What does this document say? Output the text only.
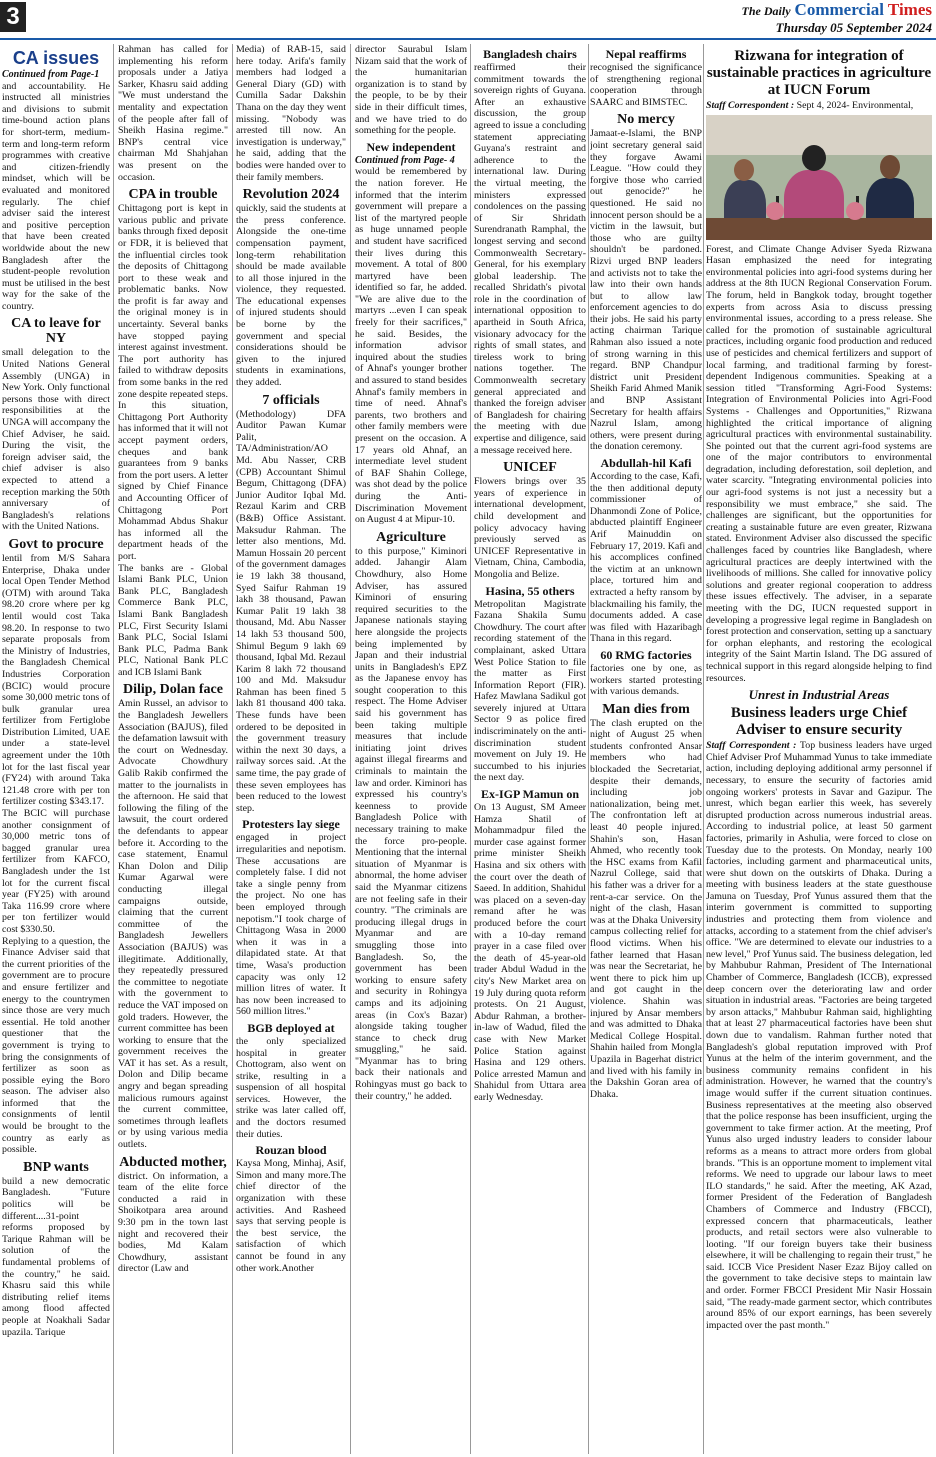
3	The Daily Commercial Times
Thursday 05 September 2024
CA issues

Continued from Page-1

and accountability. He instructed all ministries and divisions to submit time-bound action plans for short-term, medium-term and long-term reform programmes with creative and citizen-friendly mindset, which will be evaluated and monitored regularly. The chief adviser said the interest and positive perception that have been created worldwide about the new Bangladesh after the student-people revolution must be utilised in the best way for the sake of the country.

CA to leave for NY

small delegation to the United Nations General Assembly (UNGA) in New York. Only functional persons those with direct responsibilities at the UNGA will accompany the Chief Adviser, he said. During the visit, the foreign adviser said, the chief adviser is also expected to attend a reception marking the 50th anniversary of Bangladesh's relations with the United Nations.

Govt to procure

lentil from M/S Sahara Enterprise, Dhaka under local Open Tender Method (OTM) with around Taka 98.20 crore where per kg lentil would cost Taka 98.20. In response to two separate proposals from the Ministry of Industries, the Bangladesh Chemical Industries Corporation (BCIC) would procure some 30,000 metric tons of bulk granular urea fertilizer from Fertiglobe Distribution Limited, UAE under a state-level agreement under the 10th lot for the last fiscal year (FY24) with around Taka 121.48 crore with per ton fertilizer costing $343.17.

The BCIC will purchase another consignment of 30,000 metric tons of bagged granular urea fertilizer from KAFCO, Bangladesh under the 1st lot for the current fiscal year (FY25) with around Taka 116.99 crore where per ton fertilizer would cost $330.50.

Replying to a question, the Finance Adviser said that the current priorities of the government are to procure and ensure fertilizer and energy to the countrymen since those are very much essential. He told another questioner that the government is trying to bring the consignments of fertilizer as soon as possible eying the Boro season. The adviser also informed that the consignments of lentil would be brought to the country as early as possible.

BNP wants

build a new democratic Bangladesh. "Future politics will be different....31-point reforms proposed by Tarique Rahman will be solution of the fundamental problems of the country," he said. Khasru said this while distributing relief items among flood affected people at Noakhali Sadar upazila. Tarique

Rahman has called for implementing his reform proposals under a Jatiya Sarker, Khasru said adding "We must understand the mentality and expectation of the people after fall of Sheikh Hasina regime." BNP's central vice chairman Md Shahjahan was present on the occasion.

CPA in trouble

Chittagong port is kept in various public and private banks through fixed deposit or FDR, it is believed that the influential circles took the deposits of Chittagong port to these weak and problematic banks. Now the profit is far away and the original money is in uncertainty. Several banks have stopped paying interest against investment. The port authority has failed to withdraw deposits from some banks in the red zone despite repeated steps. In this situation, Chittagong Port Authority has informed that it will not accept payment orders, cheques and bank guarantees from 9 banks from the port users. A letter signed by Chief Finance and Accounting Officer of Chittagong Port Mohammad Abdus Shakur has informed all the department heads of the port.

The banks are - Global Islami Bank PLC, Union Bank PLC, Bangladesh Commerce Bank PLC, Islami Bank Bangladesh PLC, First Security Islami Bank PLC, Social Islami Bank PLC, Padma Bank PLC, National Bank PLC and ICB Islami Bank

Dilip, Dolan face

Amin Russel, an advisor to the Bangladesh Jewellers Association (BAJUS), filed the defamation lawsuit with the court on Wednesday. Advocate Chowdhury Galib Rakib confirmed the matter to the journalists in the afternoon. He said that following the filing of the lawsuit, the court ordered the defendants to appear before it. According to the case statement, Enamul Khan Dolon and Dilip Kumar Agarwal were conducting illegal campaigns outside, claiming that the current committee of the Bangladesh Jewellers Association (BAJUS) was illegitimate. Additionally, they repeatedly pressured the committee to negotiate with the government to reduce the VAT imposed on gold traders. However, the current committee has been working to ensure that the government receives the VAT it has set. As a result, Dolon and Dilip became angry and began spreading malicious rumours against the current committee, sometimes through leaflets or by using various media outlets.

Abducted mother,

district. On information, a team of the elite force conducted a raid in Shoikotpara area around 9:30 pm in the town last night and recovered their bodies, Md Kalam Chowdhury, assistant director (Law and

Media) of RAB-15, said here today. Arifa's family members had lodged a General Diary (GD) with Cumilla Sadar Dakshin Thana on the day they went missing. "Nobody was arrested till now. An investigation is underway," he said, adding that the bodies were handed over to their family members.

Revolution 2024

quickly, said the students at the press conference. Alongside the one-time compensation payment, long-term rehabilitation should be made available to all those injured in the violence, they requested. The educational expenses of injured students should be borne by the government and special considerations should be given to the injured students in examinations, they added.

7 officials

(Methodology) DFA Auditor Pawan Kumar Palit, TA/Administration/AO Md. Abu Nasser, CRB (CPB) Accountant Shimul Begum, Chittagong (DFA) Junior Auditor Iqbal Md. Rezaul Karim and CRB (B&B) Office Assistant. Maksudur Rahman. The letter also mentions, Md. Mamun Hossain 20 percent of the government damages ie 19 lakh 38 thousand, Syed Saifur Rahman 19 lakh 38 thousand, Pawan Kumar Palit 19 lakh 38 thousand, Md. Abu Nasser 14 lakh 53 thousand 500, Shimul Begum 9 lakh 69 thousand, Iqbal Md. Rezaul Karim 8 lakh 72 thousand 100 and Md. Maksudur Rahman has been fined 5 lakh 81 thousand 400 taka. These funds have been ordered to be deposited in the government treasury within the next 30 days, a railway sorces said. .At the same time, the pay grade of these seven employees has been reduced to the lowest step.

Protesters lay siege

engaged in project irregularities and nepotism. These accusations are completely false. I did not take a single penny from the project. No one has been employed through nepotism."I took charge of Chittagong Wasa in 2000 when it was in a dilapidated state. At that time, Wasa's production capacity was only 12 million litres of water. It has now been increased to 560 million litres."

BGB deployed at

the only specialized hospital in greater Chottogram, also went on strike, resulting in a suspension of all hospital services. However, the strike was later called off, and the doctors resumed their duties.

Rouzan blood

Kaysa Mong, Minhaj, Asif, Simon and many more.The chief director of the organization with these activities. And Rasheed says that serving people is the best service, the satisfaction of which cannot be found in any other work.Another

director Saurabul Islam Nizam said that the work of the humanitarian organization is to stand by the people, to be by their side in their difficult times, and we have tried to do something for the people.

New independent

Continued from Page- 4

would be remembered by the nation forever. He informed that the interim government will prepare a list of the martyred people as huge unnamed people and student have sacrificed their lives during this movement. A total of 800 martyred have been identified so far, he added. "We are alive due to the martyrs ...even I can speak freely for their sacrifices," he said. Besides, the information advisor inquired about the studies of Ahnaf's younger brother and assured to stand besides Ahnaf's family members in time of need. Ahnaf's parents, two brothers and other family members were present on the occasion. A 17 years old Ahnaf, an intermediate level student of BAF Shahin College, was shot dead by the police during the Anti-Discrimination Movement on August 4 at Mipur-10.

Agriculture

to this purpose," Kiminori added. Jahangir Alam Chowdhury, also Home Adviser, has assured Kiminori of ensuring required securities to the Japanese nationals staying here alongside the projects being implemented by Japan and their industrial units in Bangladesh's EPZ as the Japanese envoy has sought cooperation to this respect. The Home Adviser said his government has been taking multiple measures that include initiating joint drives against illegal firearms and criminals to maintain the law and order. Kiminori has expressed his country's keenness to provide Bangladesh Police with necessary training to make the force pro-people. Mentioning that the internal situation of Myanmar is abnormal, the home adviser said the Myanmar citizens are not feeling safe in their country. "The criminals are producing illegal drugs in Myanmar and are smuggling those into Bangladesh. So, the government has been working to ensure safety and security in Rohingya camps and its adjoining areas (in Cox's Bazar) alongside taking tougher stance to check drug smuggling," he said. "Myanmar has to bring back their nationals and Rohingyas must go back to their country," he added.

Bangladesh chairs

reaffirmed their commitment towards the sovereign rights of Guyana. After an exhaustive discussion, the group agreed to issue a concluding statement appreciating Guyana's restraint and adherence to the international law. During the virtual meeting, the ministers expressed condolences on the passing of Sir Shridath Surendranath Ramphal, the longest serving and second Commonwealth Secretary-General, for his exemplary global leadership. The recalled Shridath's pivotal role in the coordination of international opposition to apartheid in South Africa, visionary advocacy for the rights of small states, and tireless work to bring nations together. The Commonwealth secretary general appreciated and thanked the foreign adviser of Bangladesh for chairing the meeting with due expertise and diligence, said a message received here.

UNICEF

Flowers brings over 35 years of experience in international development, child development and policy advocacy having previously served as UNICEF Representative in Vietnam, China, Cambodia, Mongolia and Belize.

Hasina, 55 others

Metropolitan Magistrate Fazana Shakila Sumu Chowdhury. The court after recording statement of the complainant, asked Uttara West Police Station to file the matter as First Information Report (FIR). Hafez Mawlana Sadikul got severely injured at Uttara Sector 9 as police fired indiscriminately on the anti-discrimination student movement on July 19. He succumbed to his injuries the next day.

Ex-IGP Mamun on

On 13 August, SM Ameer Hamza Shatil of Mohammadpur filed the murder case against former prime minister Sheikh Hasina and six others with the court over the death of Saeed. In addition, Shahidul was placed on a seven-day remand after he was produced before the court with a 10-day remand prayer in a case filed over the death of 45-year-old trader Abdul Wadud in the city's New Market area on 19 July during quota reform protests. On 21 August, Abdur Rahman, a brother-in-law of Wadud, filed the case with New Market Police Station against Hasina and 129 others. Police arrested Mamun and Shahidul from Uttara area early Wednesday.

Nepal reaffirms

recognised the significance of strengthening regional cooperation through SAARC and BIMSTEC.

No mercy

Jamaat-e-Islami, the BNP joint secretary general said they forgave Awami League. "How could they forgive those who carried out genocide?" he questioned. He said no innocent person should be a victim in the lawsuit, but those who are guilty shouldn't be pardoned. Rizvi urged BNP leaders and activists not to take the law into their own hands but to allow law enforcement agencies to do their jobs. He said his party acting chairman Tarique Rahman also issued a note of strong warning in this regard. BNP Chandpur district unit President Sheikh Farid Ahmed Manik and BNP Assistant Secretary for health affairs Nazrul Islam, among others, were present during the donation ceremony.

Abdullah-hil Kafi

According to the case, Kafi, the then additional deputy commissioner of Dhanmondi Zone of Police, abducted plaintiff Engineer Arif Mainuddin on February 17, 2019. Kafi and his accomplices confined the victim at an unknown place, tortured him and extracted a hefty ransom by blackmailing his family, the documents added. A case was filed with Hazaribagh Thana in this regard.

60 RMG factories

factories one by one, as workers started protesting with various demands.

Man dies from

The clash erupted on the night of August 25 when students confronted Ansar members who had blockaded the Secretariat, despite their demands, including job nationalization, being met. The confrontation left at least 40 people injured. Shahin's son, Hasan Ahmed, who recently took the HSC exams from Kafil Nazrul College, said that his father was a driver for a rent-a-car service. On the night of the clash, Hasan was at the Dhaka University campus collecting relief for flood victims. When his father learned that Hasan was near the Secretariat, he went there to pick him up and got caught in the violence. Shahin was injured by Ansar members and was admitted to Dhaka Medical College Hospital. Shahin hailed from Mongla Upazila in Bagerhat district and lived with his family in the Dakshin Goran area of Dhaka.

Rizwana for integration of sustainable practices in agriculture at IUCN Forum

Staff Correspondent : Sept 4, 2024- Environmental,

Forest, and Climate Change Adviser Syeda Rizwana Hasan emphasized the need for integrating environmental policies into agri-food systems during her address at the 8th IUCN Regional Conservation Forum. The forum, held in Bangkok today, brought together experts from across Asia to discuss pressing environmental issues, according to a press release. She called for the promotion of sustainable agricultural practices, including organic food production and reduced use of pesticides and chemical fertilizers and support of local farming, and traditional farming by forest-dependent Indigenous communities. Speaking at a session titled "Transforming Agri-Food Systems: Integration of Environmental Policies into Agri-Food Systems - Challenges and Opportunities," Rizwana highlighted the critical importance of aligning agricultural practices with environmental sustainability. She pointed out that the current agri-food systems are one of the major contributors to environmental degradation, including deforestation, soil depletion, and water scarcity. "Integrating environmental policies into our agri-food systems is not just a necessity but a responsibility we must embrace," she said. The challenges are significant, but the opportunities for creating a sustainable future are even greater, Rizwana stated. Environment Adviser also discussed the specific challenges faced by countries like Bangladesh, where agricultural practices are deeply intertwined with the livelihoods of millions. She called for innovative policy solutions and greater regional cooperation to address these issues effectively. The adviser, in a separate meeting with the DG, IUCN requested support in developing a progressive legal regime in Bangladesh on forest protection and conservation, setting up a sanctuary for orphan elephants, and restoring the ecological integrity of the Saint Martin Island. The DG assured of technical support in this regard alongside helping to find resources.

Unrest in Industrial Areas
Business leaders urge Chief Adviser to ensure security

Staff Correspondent : Top business leaders have urged Chief Adviser Prof Muhammad Yunus to take immediate action, including deploying additional army personnel if necessary, to ensure the security of factories amid ongoing workers' protests in Savar and Gazipur. The unrest, which began earlier this week, has severely disrupted production across numerous industrial areas. According to industrial police, at least 50 garment factories, primarily in Ashulia, were forced to close on Tuesday due to the protests. On Monday, nearly 100 factories, including garment and pharmaceutical units, were shut down on the outskirts of Dhaka. During a meeting with business leaders at the state guesthouse Jamuna on Tuesday, Prof Yunus assured them that the interim government is committed to supporting industries and protecting them from violence and attacks, according to a statement from the chief adviser's office. "We are determined to elevate our industries to a new level," Prof Yunus said. The business delegation, led by Mahbubur Rahman, President of The International Chamber of Commerce, Bangladesh (ICCB), expressed deep concern over the deteriorating law and order situation in industrial areas. "Factories are being targeted by arson attacks," Mahbubur Rahman said, highlighting that at least 27 pharmaceutical factories have been shut down due to vandalism. Rahman further noted that Bangladesh's global reputation improved with Prof Yunus at the helm of the interim government, and the business community remains confident in his administration. However, he warned that the country's image would suffer if the current situation continues. Business representatives at the meeting also observed that the police response has been insufficient, urging the government to take firmer action. At the meeting, Prof Yunus also urged industry leaders to consider labour reforms as a means to attract more orders from global brands. "This is an opportune moment to implement vital reforms. We need to upgrade our labour laws to meet ILO standards," he said. After the meeting, AK Azad, former President of the Federation of Bangladesh Chambers of Commerce and Industry (FBCCI), expressed concern that pharmaceuticals, leather products, and retail sectors were also vulnerable to looting. "If our foreign buyers take their business elsewhere, it will be challenging to regain their trust," he said. ICCB Vice President Naser Ezaz Bijoy called on the government to take decisive steps to maintain law and order. Former FBCCI President Mir Nasir Hossain said, "The ready-made garment sector, which contributes around 85% of our export earnings, has been severely impacted over the past month."
